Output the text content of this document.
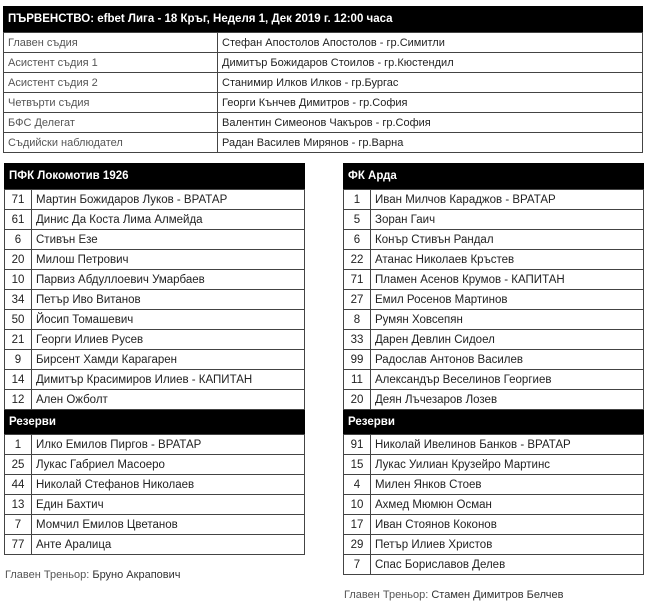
ПЪРВЕНСТВО: efbet Лига - 18 Кръг, Неделя 1, Дек 2019 г. 12:00 часа
Главен съдия	Стефан Апостолов Апостолов - гр.Симитли
Асистент съдия 1	Димитър Божидаров Стоилов - гр.Кюстендил
Асистент съдия 2	Станимир Илков Илков - гр.Бургас
Четвърти съдия	Георги Кънчев Димитров - гр.София
БФС Делегат	Валентин Симеонов Чакъров - гр.София
Съдийски наблюдател	Радан Василев Мирянов - гр.Варна
ПФК Локомотив 1926
71	Мартин Божидаров Луков - ВРАТАР
61	Динис Да Коста Лима Алмейда
6	Стивън Езе
20	Милош Петрович
10	Парвиз Абдуллоевич Умарбаев
34	Петър Иво Витанов
50	Йосип Томашевич
21	Георги Илиев Русев
9	Бирсент Хамди Карагарен
14	Димитър Красимиров Илиев - КАПИТАН
12	Ален Ожболт
Резерви
1	Илко Емилов Пиргов - ВРАТАР
25	Лукас Габриел Масоеро
44	Николай Стефанов Николаев
13	Един Бахтич
7	Момчил Емилов Цветанов
77	Анте Аралица
ФК Арда
1	Иван Милчов Караджов - ВРАТАР
5	Зоран Гаич
6	Конър Стивън Рандал
22	Атанас Николаев Кръстев
71	Пламен Асенов Крумов - КАПИТАН
27	Емил Росенов Мартинов
8	Румян Ховсепян
33	Дарен Девлин Сидоел
99	Радослав Антонов Василев
11	Александър Веселинов Георгиев
20	Деян Лъчезаров Лозев
Резерви
91	Николай Ивелинов Банков - ВРАТАР
15	Лукас Уилиан Крузейро Мартинс
4	Милен Янков Стоев
10	Ахмед Мюмюн Осман
17	Иван Стоянов Коконов
29	Петър Илиев Христов
7	Спас Бориславов Делев
Главен Треньор: Бруно Акрапович
Главен Треньор: Стамен Димитров Белчев
